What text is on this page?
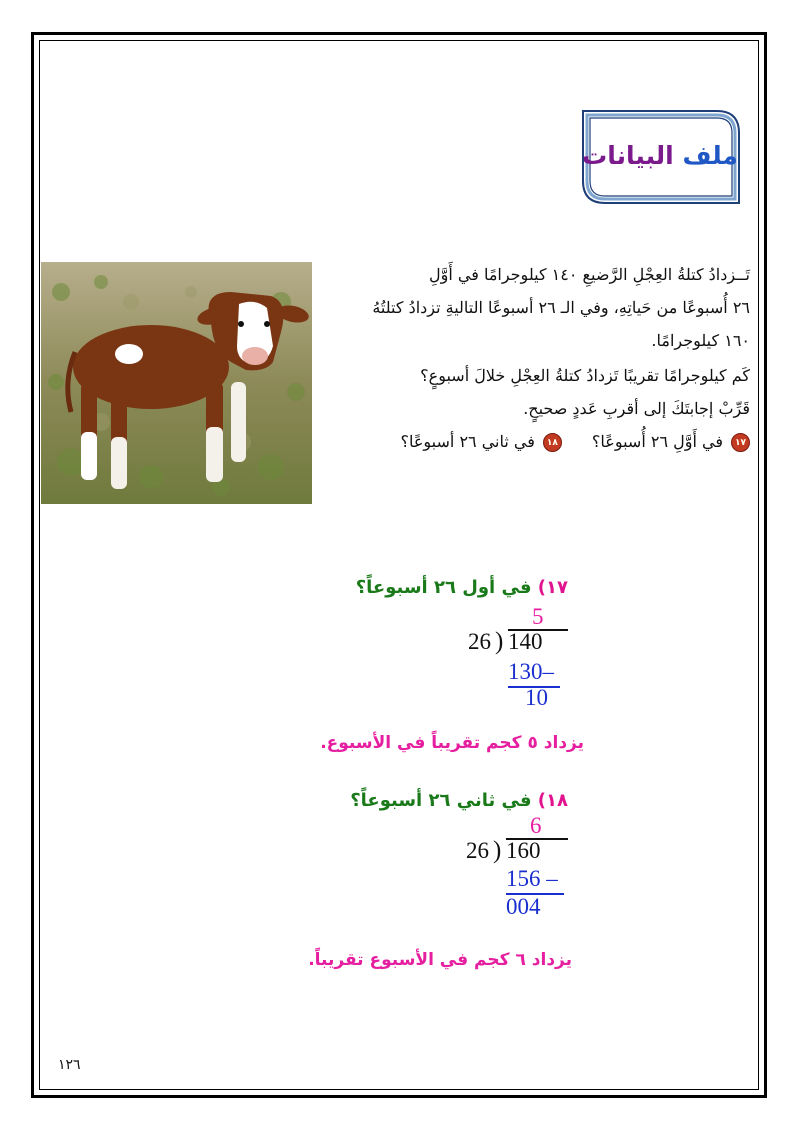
ملف البيانات

تَــزدادُ كتلةُ العِجْلِ الرَّضيعِ ١٤٠ كيلوجرامًا في أَوَّلِ

٢٦ أُسبوعًا من حَياتِهِ، وفي الـ ٢٦ أسبوعًا التاليةِ تزدادُ كتلتُهُ

١٦٠ كيلوجرامًا.

كَم كيلوجرامًا تقريبًا تَزدادُ كتلةُ العِجْلِ خلالَ أسبوعٍ؟

قَرِّبْ إجابتَكَ إلى أقربِ عَددٍ صحيحٍ.

١٧
في أَوَّلِ ٢٦ أُسبوعًا؟
١٨
في ثاني ٢٦ أسبوعًا؟
١٧) في أول ٢٦ أسبوعاً؟
5
26 ) 140
130–
10
يزداد ٥ كجم تقريباً في الأسبوع.
١٨) في ثاني ٢٦ أسبوعاً؟
6
26 ) 160
156 –
004
يزداد ٦ كجم في الأسبوع تقريباً.
١٢٦
